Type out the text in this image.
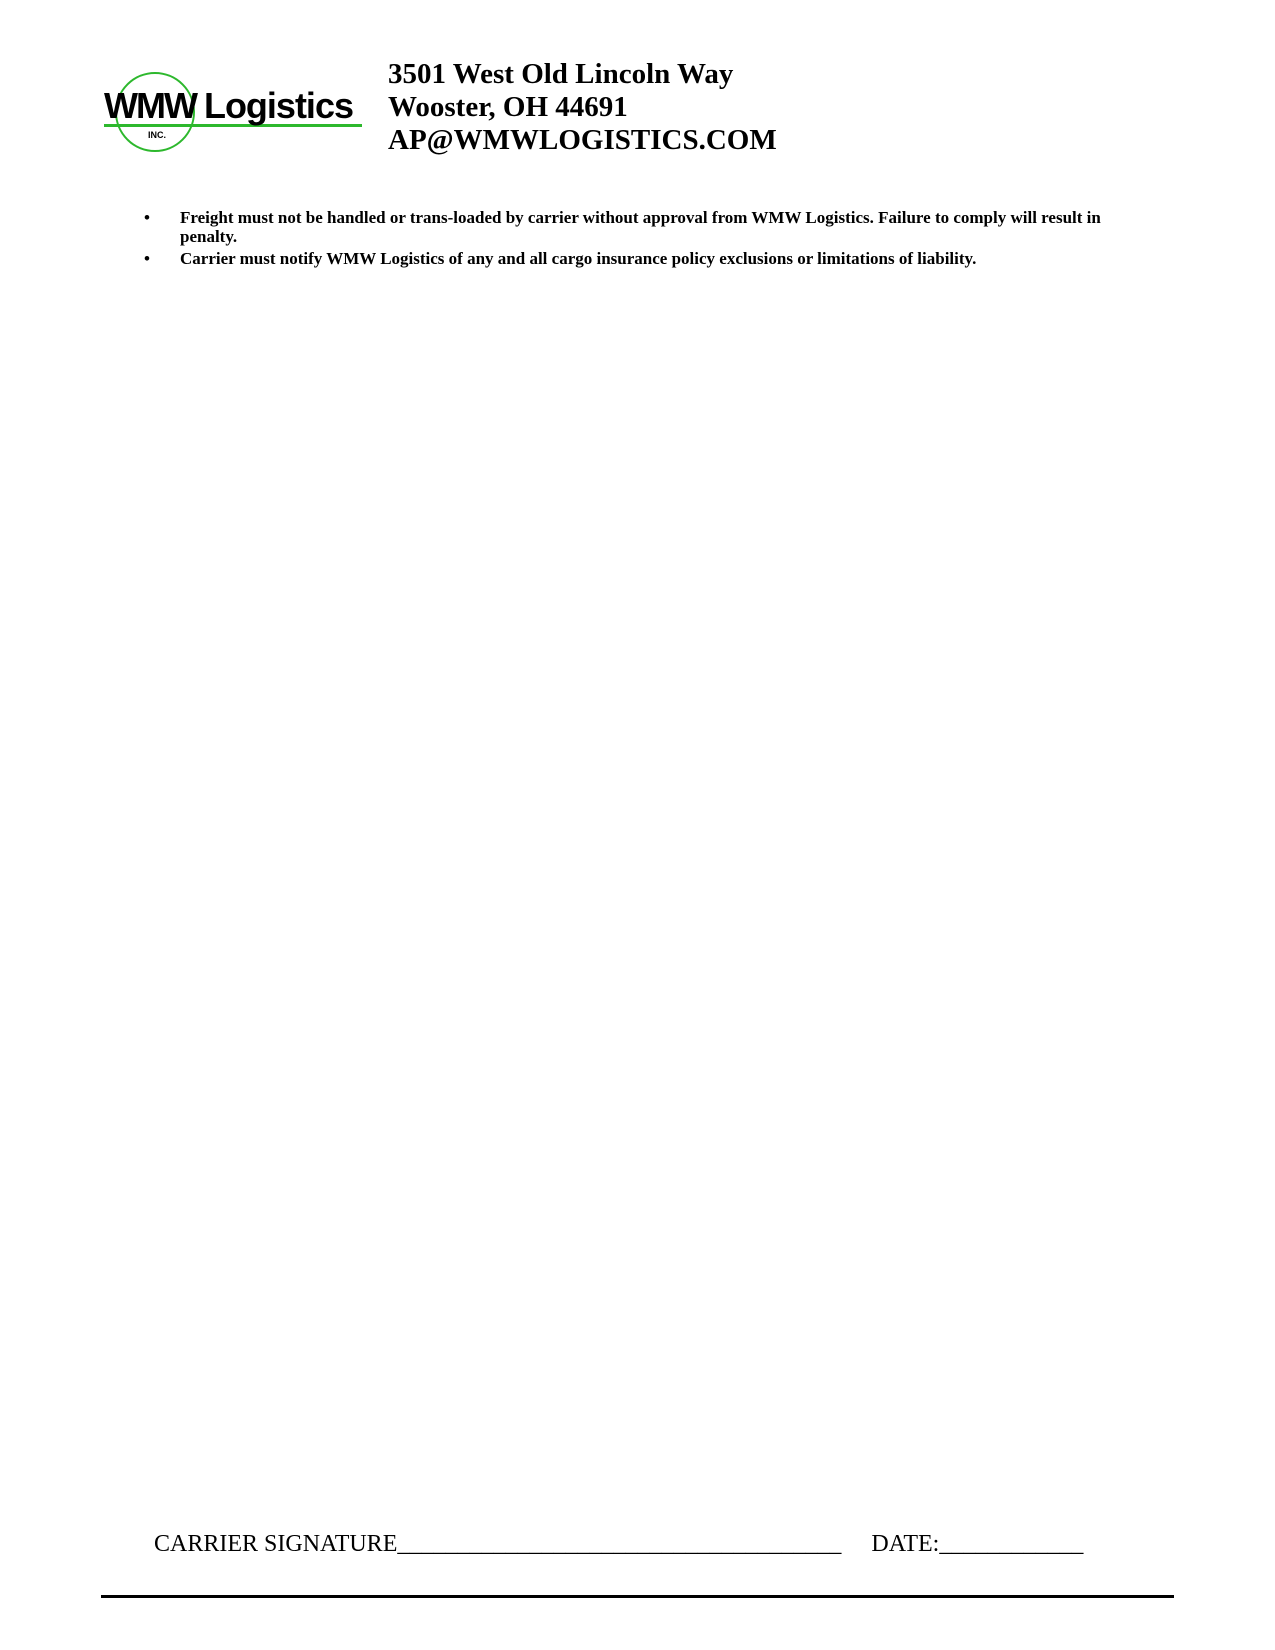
WMW Logistics
INC.
3501 West Old Lincoln Way
Wooster, OH 44691
AP@WMWLOGISTICS.COM
• Freight must not be handled or trans-loaded by carrier without approval from WMW Logistics. Failure to comply will result in penalty.
• Carrier must notify WMW Logistics of any and all cargo insurance policy exclusions or limitations of liability.
CARRIER SIGNATURE_____________________________________ DATE:____________
